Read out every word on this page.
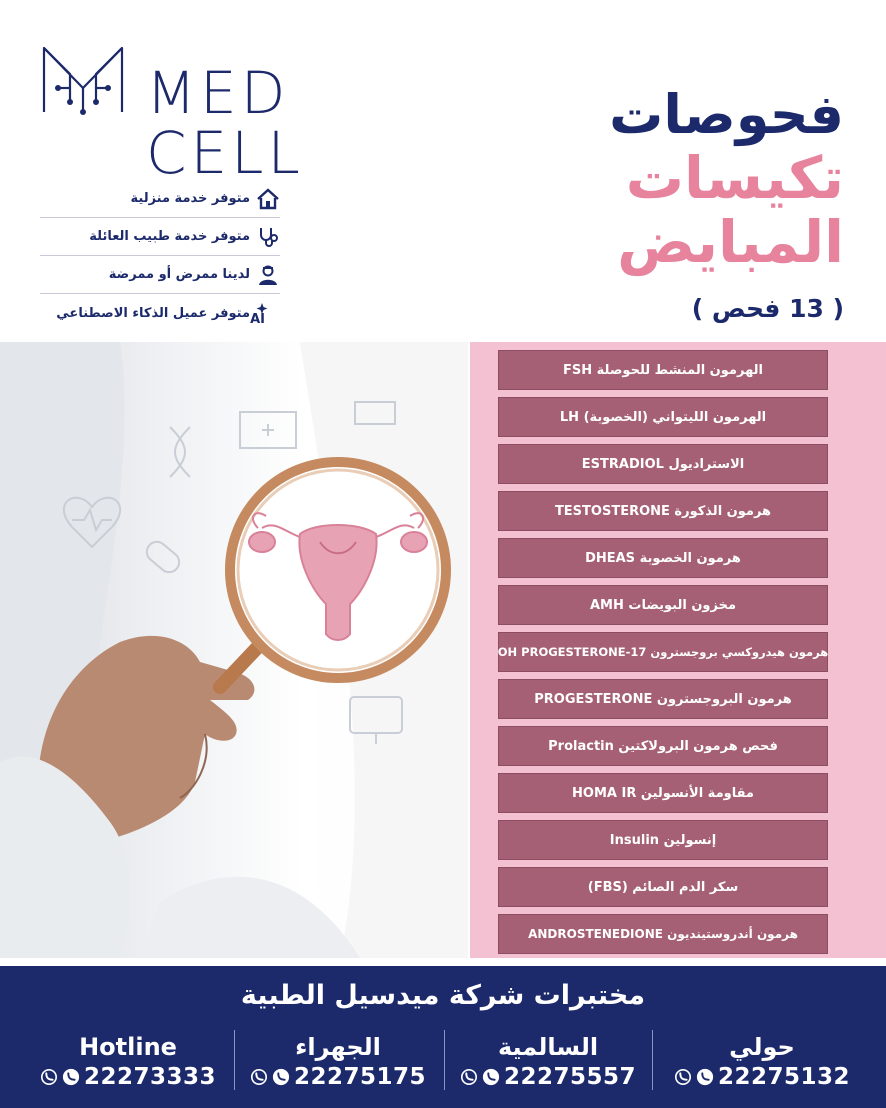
MED
CELL
متوفر خدمة منزلية
متوفر خدمة طبيب العائلة
لدينا ممرض أو ممرضة
AI
متوفر عميل الذكاء الاصطناعي
فحوصات
تكيسات
المبايض
( 13 فحص )
الهرمون المنشط للحوصلة FSH
الهرمون الليتواني (الخصوبة) LH
الاستراديول ESTRADIOL
هرمون الذكورة TESTOSTERONE
هرمون الخصوبة DHEAS
مخزون البويضات AMH
هرمون هيدروكسي بروجسترون 17-OH PROGESTERONE
هرمون البروجسترون PROGESTERONE
فحص هرمون البرولاكتين Prolactin
مقاومة الأنسولين HOMA IR
إنسولين Insulin
سكر الدم الصائم (FBS)
هرمون أندروستينديون ANDROSTENEDIONE
مختبرات شركة ميدسيل الطبية
حولي
22275132
السالمية
22275557
الجهراء
22275175
Hotline
22273333
